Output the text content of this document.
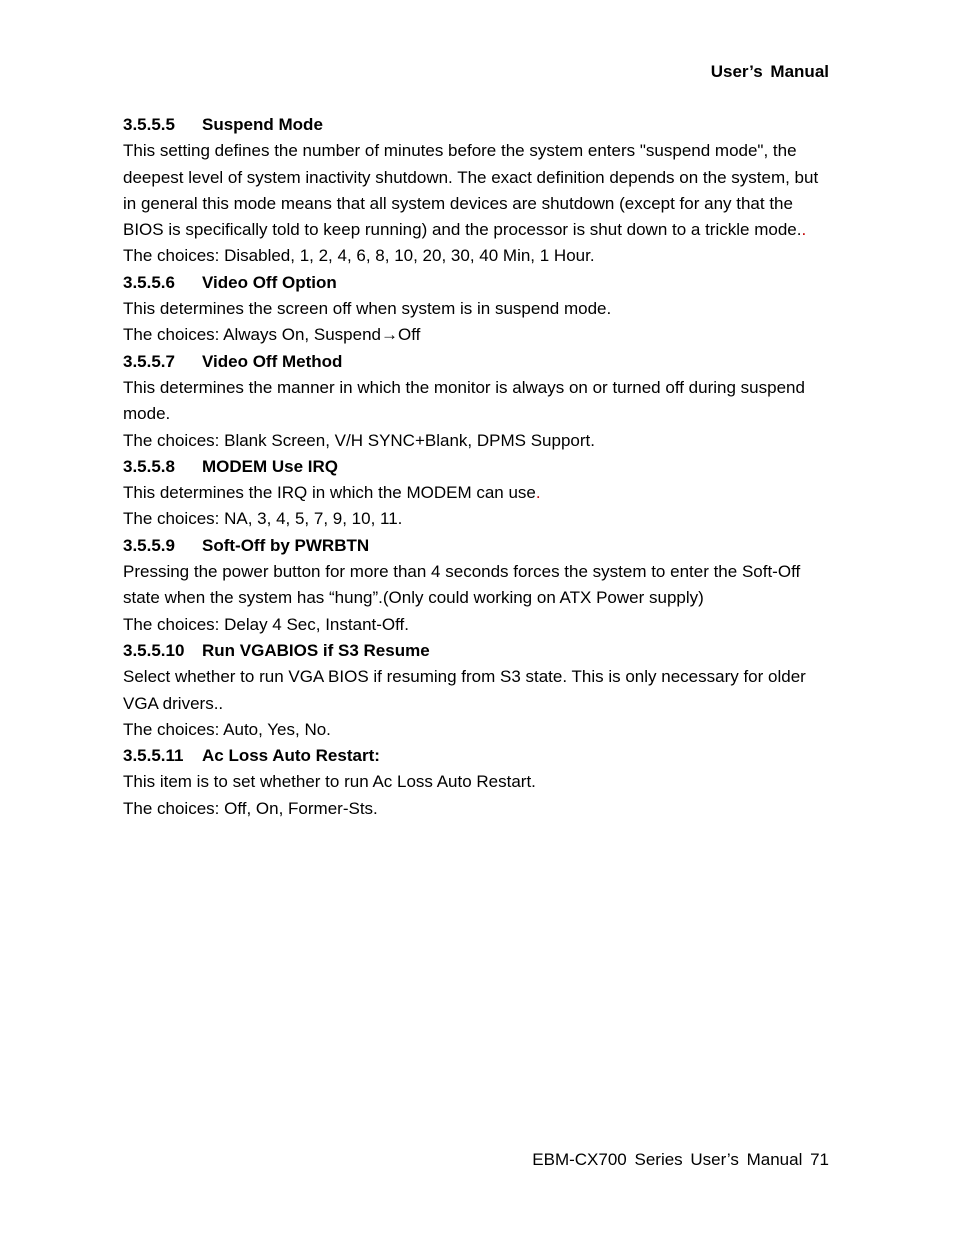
User’s Manual
3.5.5.5	Suspend Mode

This setting defines the number of minutes before the system enters "suspend mode", the deepest level of system inactivity shutdown. The exact definition depends on the system, but in general this mode means that all system devices are shutdown (except for any that the BIOS is specifically told to keep running) and the processor is shut down to a trickle mode..

The choices: Disabled, 1, 2, 4, 6, 8, 10, 20, 30, 40 Min, 1 Hour.

3.5.5.6	Video Off Option

This determines the screen off when system is in suspend mode.

The choices: Always On, Suspend→Off

3.5.5.7	Video Off Method

This determines the manner in which the monitor is always on or turned off during suspend mode.

The choices: Blank Screen, V/H SYNC+Blank, DPMS Support.

3.5.5.8	MODEM Use IRQ

This determines the IRQ in which the MODEM can use.

The choices: NA, 3, 4, 5, 7, 9, 10, 11.

3.5.5.9	Soft-Off by PWRBTN

Pressing the power button for more than 4 seconds forces the system to enter the Soft-Off state when the system has “hung”.(Only could working on ATX Power supply)

The choices: Delay 4 Sec, Instant-Off.

3.5.5.10	Run VGABIOS if S3 Resume

Select whether to run VGA BIOS if resuming from S3 state. This is only necessary for older VGA drivers..

The choices: Auto, Yes, No.

3.5.5.11	Ac Loss Auto Restart:

This item is to set whether to run Ac Loss Auto Restart.

The choices: Off, On, Former-Sts.

EBM-CX700 Series User’s Manual 71
